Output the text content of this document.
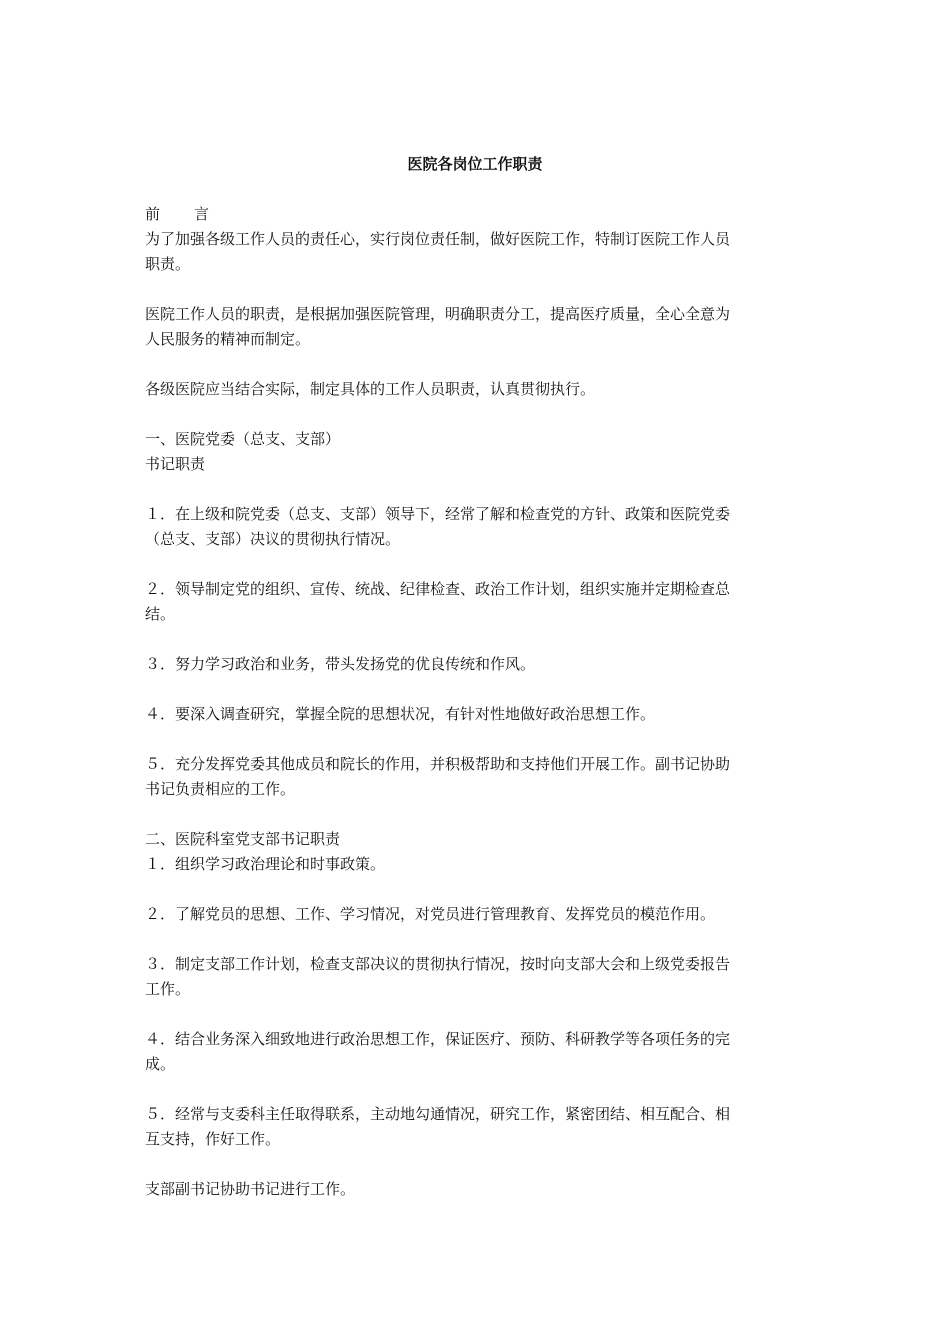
医院各岗位工作职责
前 言
为了加强各级工作人员的责任心，实行岗位责任制，做好医院工作，特制订医院工作人员
职责。
医院工作人员的职责，是根据加强医院管理，明确职责分工，提高医疗质量，全心全意为
人民服务的精神而制定。
各级医院应当结合实际，制定具体的工作人员职责，认真贯彻执行。
一、医院党委（总支、支部）
书记职责
１．在上级和院党委（总支、支部）领导下，经常了解和检查党的方针、政策和医院党委
（总支、支部）决议的贯彻执行情况。
２．领导制定党的组织、宣传、统战、纪律检查、政治工作计划，组织实施并定期检查总
结。
３．努力学习政治和业务，带头发扬党的优良传统和作风。
４．要深入调查研究，掌握全院的思想状况，有针对性地做好政治思想工作。
５．充分发挥党委其他成员和院长的作用，并积极帮助和支持他们开展工作。副书记协助
书记负责相应的工作。
二、医院科室党支部书记职责
１．组织学习政治理论和时事政策。
２．了解党员的思想、工作、学习情况，对党员进行管理教育、发挥党员的模范作用。
３．制定支部工作计划，检查支部决议的贯彻执行情况，按时向支部大会和上级党委报告
工作。
４．结合业务深入细致地进行政治思想工作，保证医疗、预防、科研教学等各项任务的完
成。
５．经常与支委科主任取得联系，主动地勾通情况，研究工作，紧密团结、相互配合、相
互支持，作好工作。
支部副书记协助书记进行工作。
